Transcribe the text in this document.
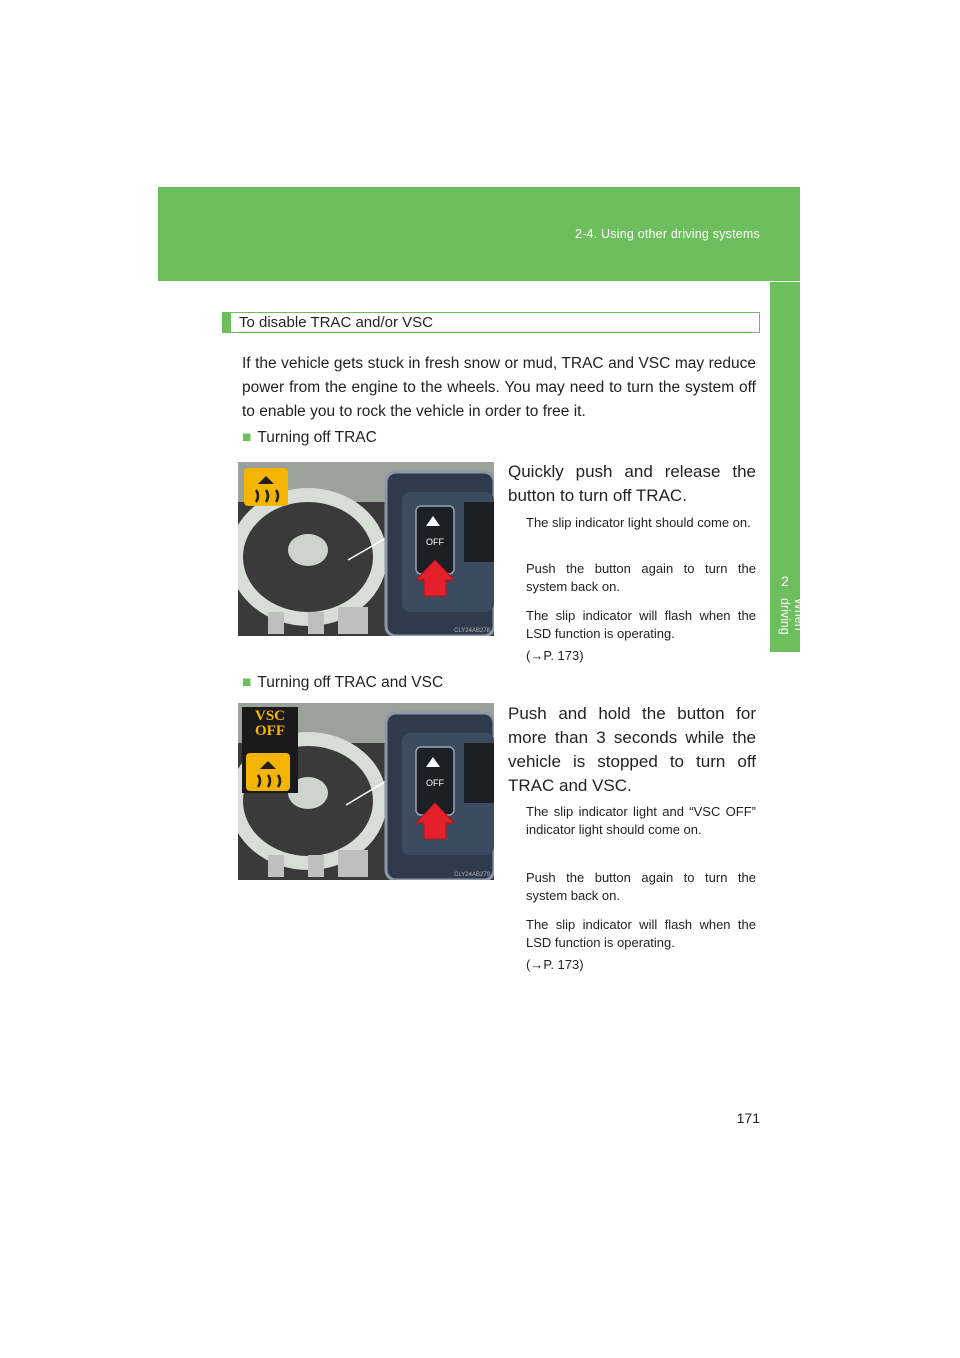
2-4. Using other driving systems
2
When driving
To disable TRAC and/or VSC

If the vehicle gets stuck in fresh snow or mud, TRAC and VSC may reduce power from the engine to the wheels. You may need to turn the system off to enable you to rock the vehicle in order to free it.

■ Turning off TRAC
OFF
CLY24AB278

Quickly push and release the button to turn off TRAC.

The slip indicator light should come on.

Push the button again to turn the system back on.

The slip indicator will flash when the LSD function is operating.

(→P. 173)

■ Turning off TRAC and VSC
OFF
CLY24AB279
VSC
OFF

Push and hold the button for more than 3 seconds while the vehicle is stopped to turn off TRAC and VSC.

The slip indicator light and “VSC OFF” indicator light should come on.

Push the button again to turn the system back on.

The slip indicator will flash when the LSD function is operating.

(→P. 173)

171
